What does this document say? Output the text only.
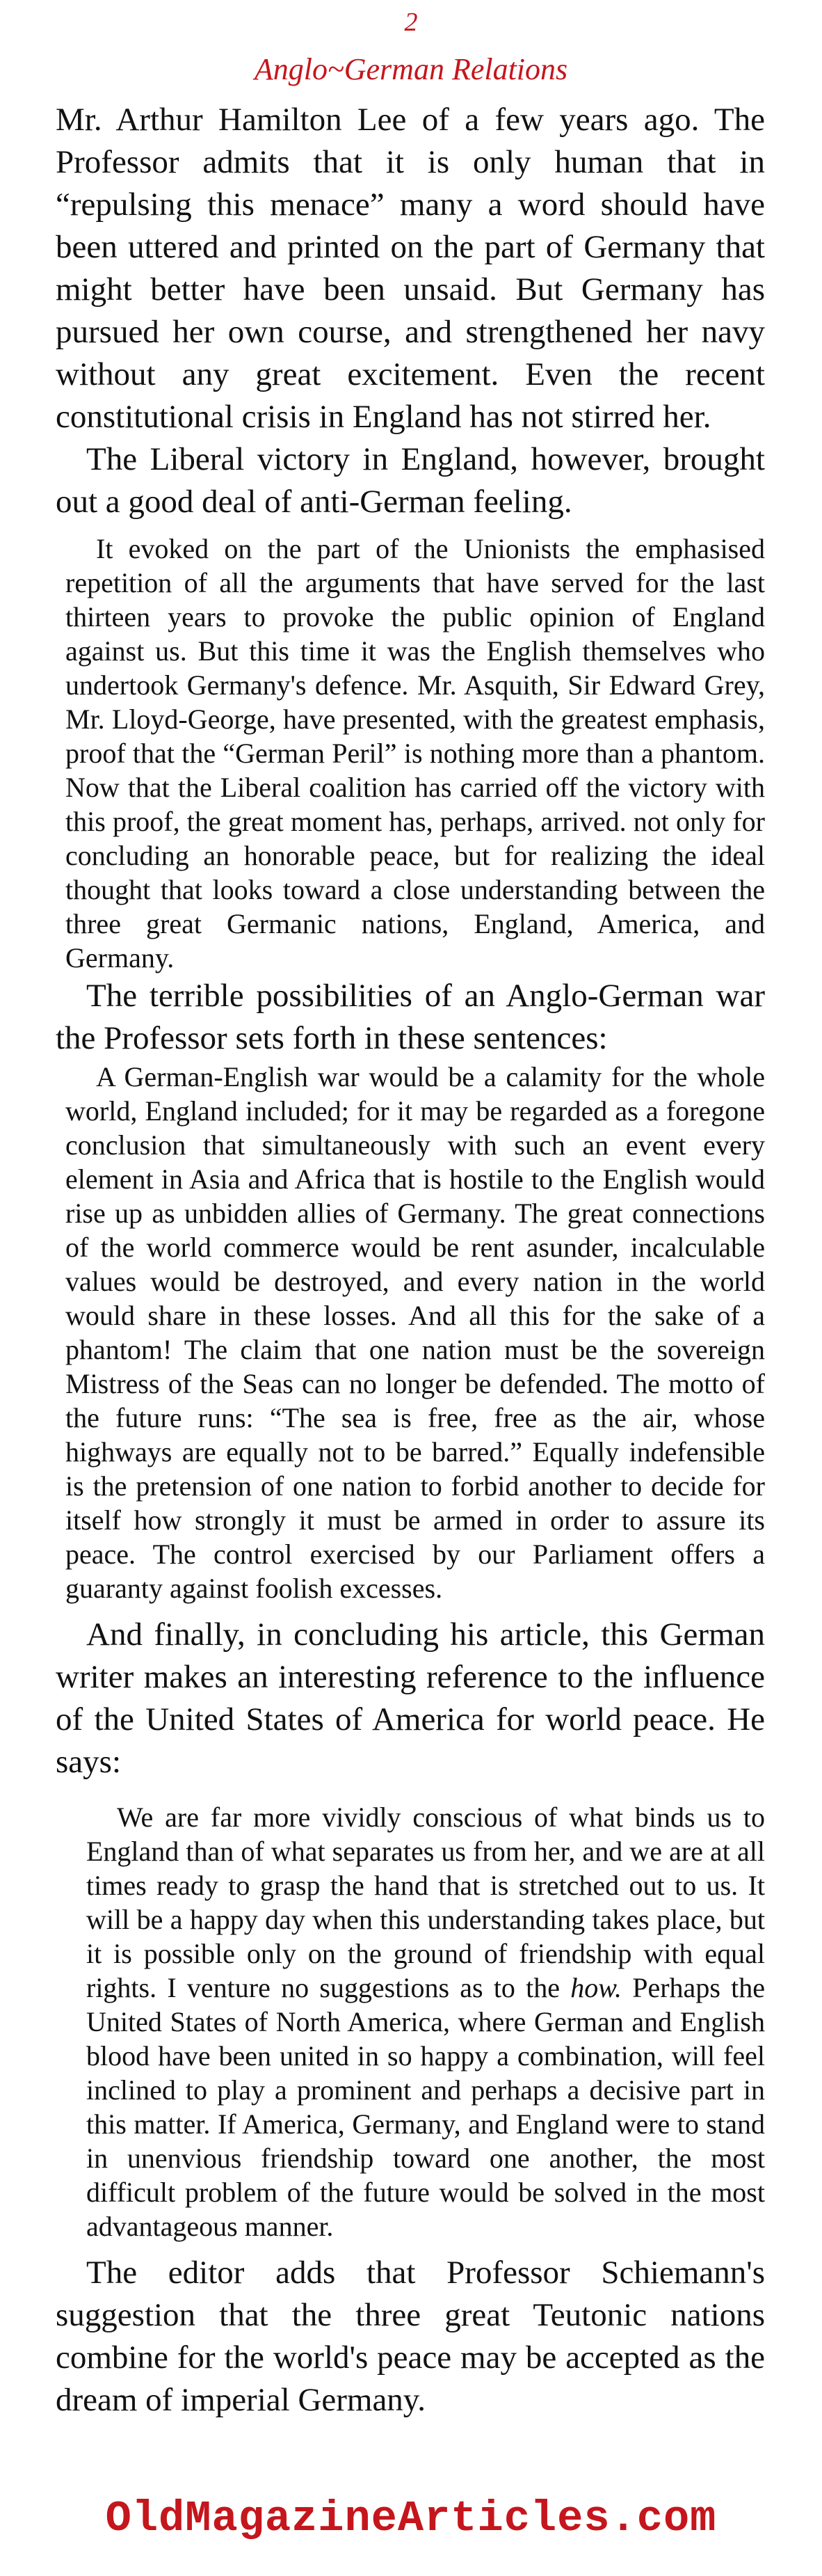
2
Anglo~German Relations

Mr. Arthur Hamilton Lee of a few years ago. The Professor admits that it is only human that in “repulsing this menace” many a word should have been uttered and printed on the part of Germany that might better have been unsaid. But Germany has pursued her own course, and strengthened her navy without any great excitement. Even the recent constitutional crisis in England has not stirred her.

The Liberal victory in England, however, brought out a good deal of anti-German feeling.

It evoked on the part of the Unionists the emphasised repetition of all the arguments that have served for the last thirteen years to provoke the public opinion of England against us. But this time it was the English themselves who undertook Germany's defence. Mr. Asquith, Sir Edward Grey, Mr. Lloyd-George, have presented, with the greatest emphasis, proof that the “German Peril” is nothing more than a phantom. Now that the Liberal coalition has carried off the victory with this proof, the great moment has, perhaps, arrived. not only for concluding an honorable peace, but for realizing the ideal thought that looks toward a close understanding between the three great Germanic nations, England, America, and Germany.

The terrible possibilities of an Anglo-German war the Professor sets forth in these sentences:

A German-English war would be a calamity for the whole world, England included; for it may be regarded as a foregone conclusion that simultaneously with such an event every element in Asia and Africa that is hostile to the English would rise up as unbidden allies of Germany. The great connections of the world commerce would be rent asunder, incalculable values would be destroyed, and every nation in the world would share in these losses. And all this for the sake of a phantom! The claim that one nation must be the sovereign Mistress of the Seas can no longer be defended. The motto of the future runs: “The sea is free, free as the air, whose highways are equally not to be barred.” Equally indefensible is the pretension of one nation to forbid another to decide for itself how strongly it must be armed in order to assure its peace. The control exercised by our Parliament offers a guaranty against foolish excesses.

And finally, in concluding his article, this German writer makes an interesting reference to the influence of the United States of America for world peace. He says:

We are far more vividly conscious of what binds us to England than of what separates us from her, and we are at all times ready to grasp the hand that is stretched out to us. It will be a happy day when this understanding takes place, but it is possible only on the ground of friendship with equal rights. I venture no suggestions as to the how. Perhaps the United States of North America, where German and English blood have been united in so happy a combination, will feel inclined to play a prominent and perhaps a decisive part in this matter. If America, Germany, and England were to stand in unenvious friendship toward one another, the most difficult problem of the future would be solved in the most advantageous manner.

The editor adds that Professor Schiemann's suggestion that the three great Teutonic nations combine for the world's peace may be accepted as the dream of imperial Germany.

OldMagazineArticles.com
